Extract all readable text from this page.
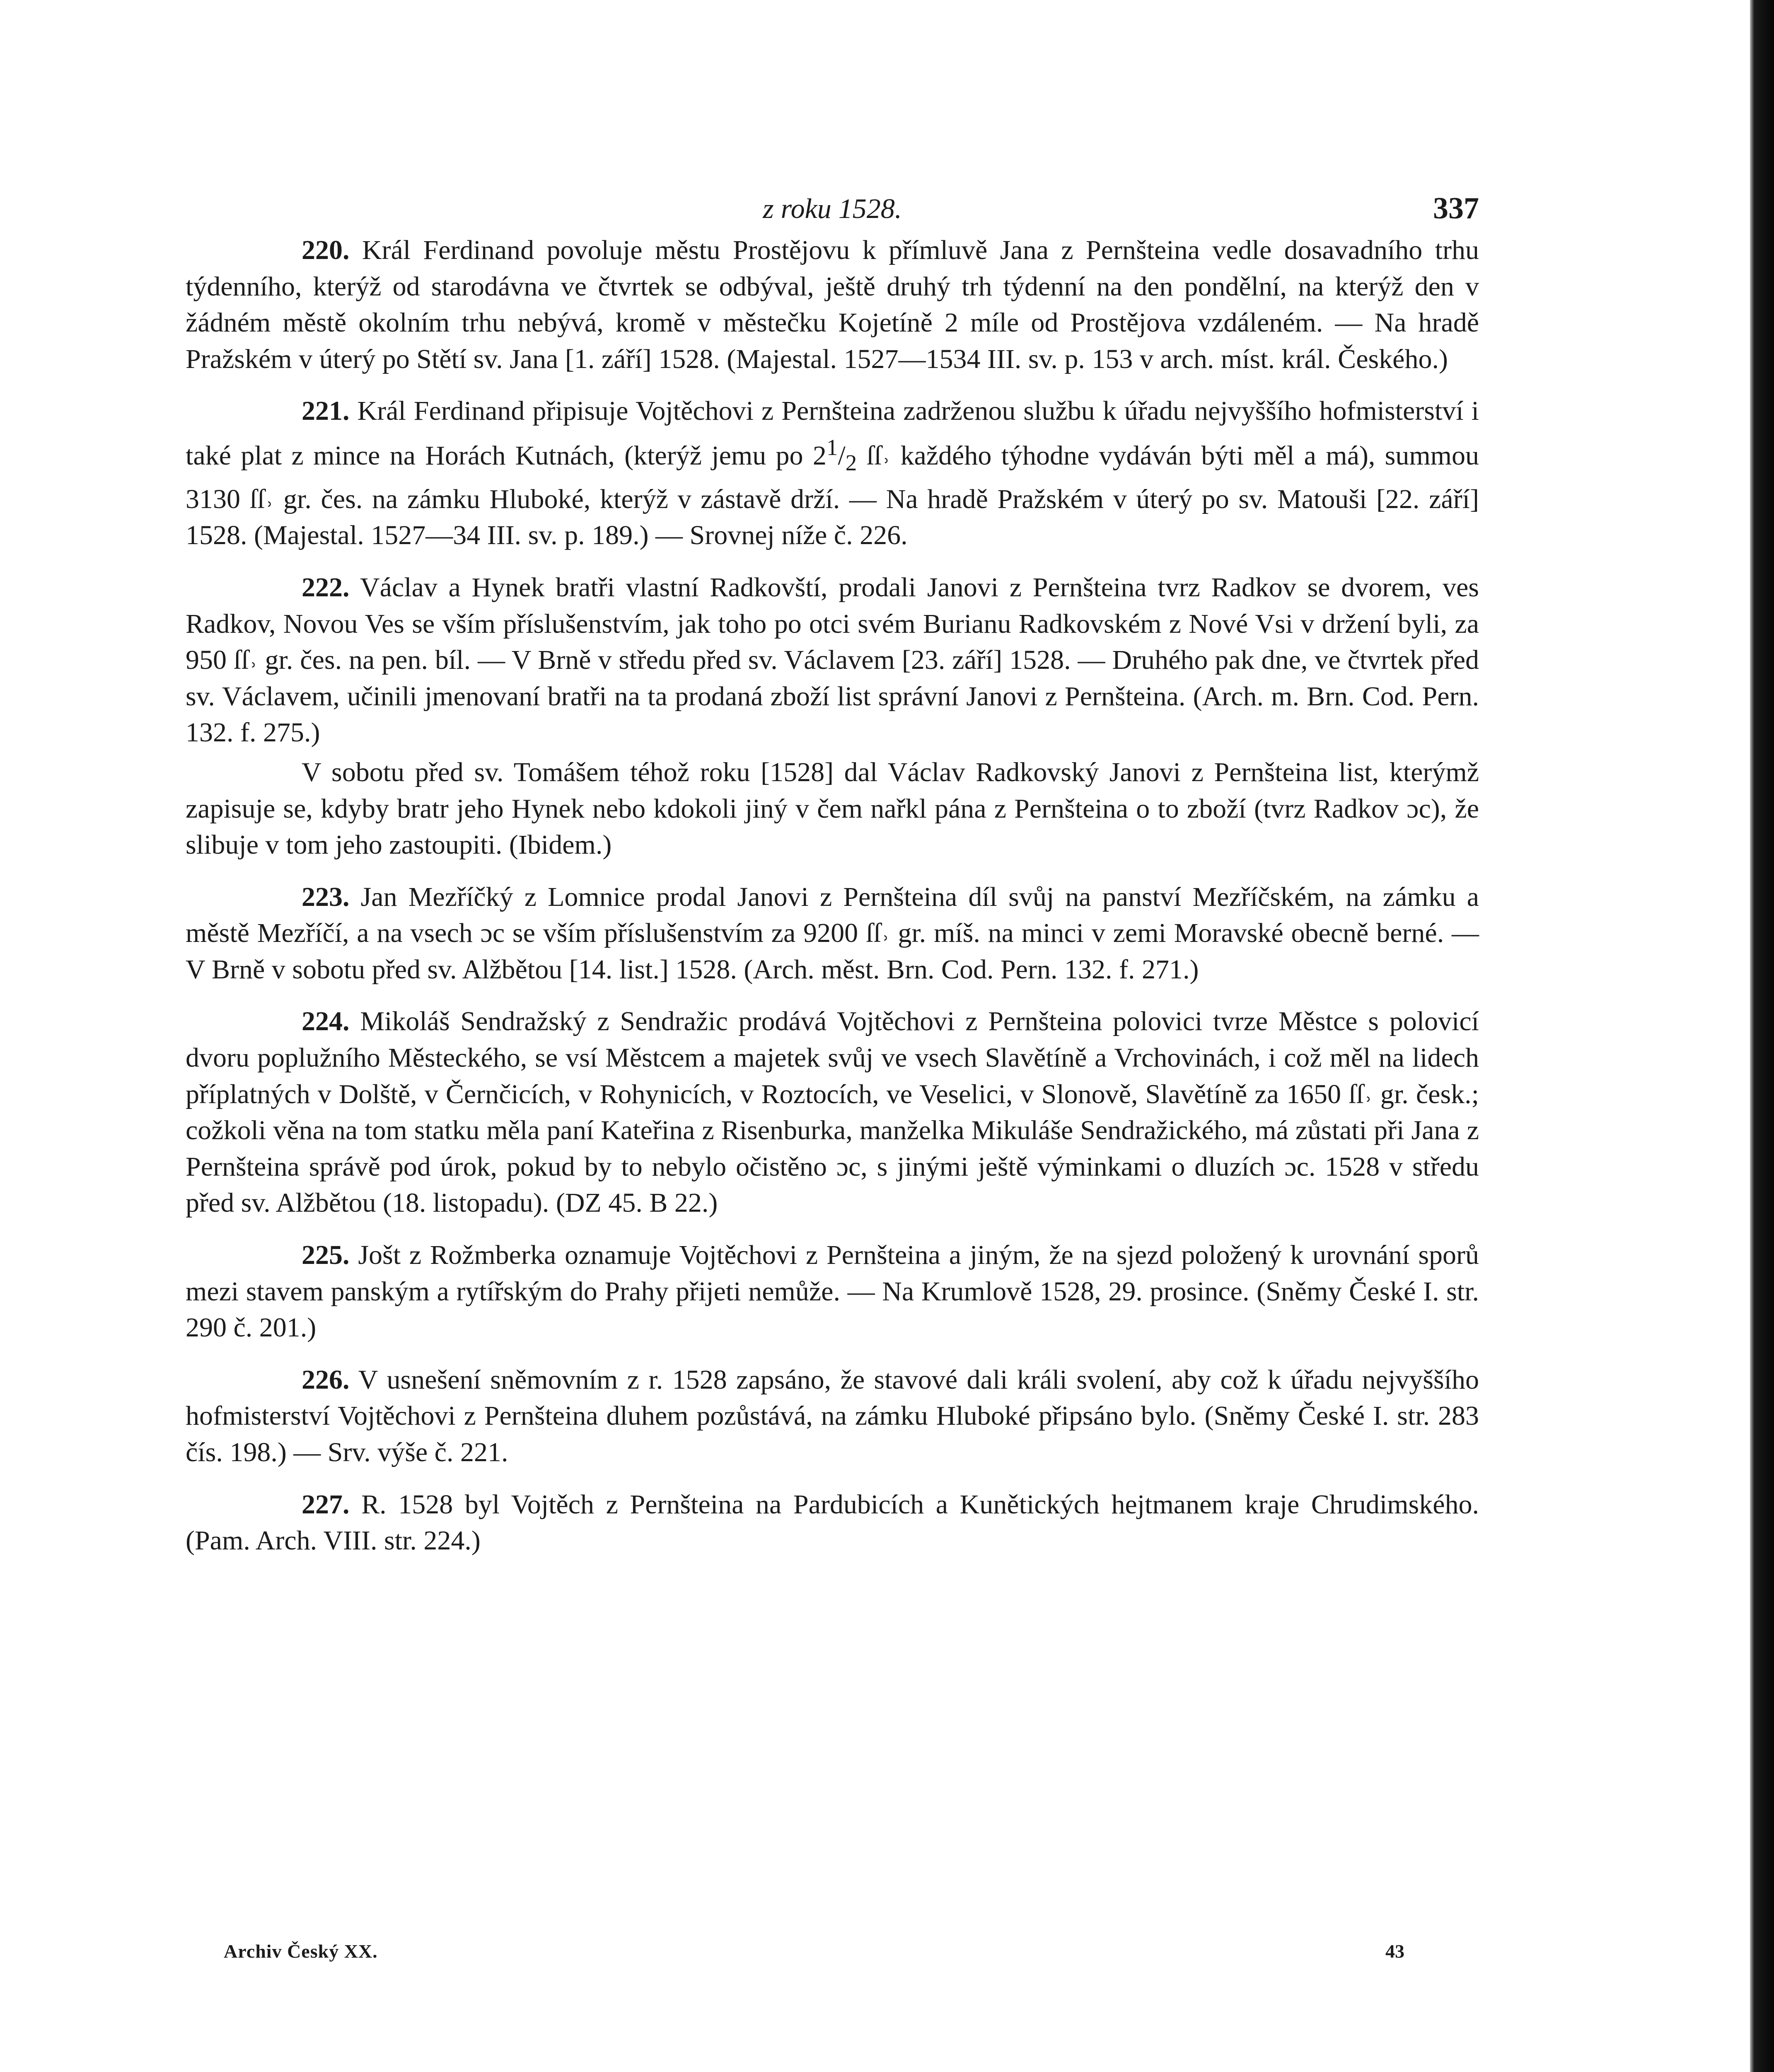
z roku 1528.	337

220. Král Ferdinand povoluje městu Prostějovu k přímluvě Jana z Pernšteina vedle dosavadního trhu týdenního, kterýž od starodávna ve čtvrtek se odbýval, ještě druhý trh týdenní na den pondělní, na kterýž den v žádném městě okolním trhu nebývá, kromě v městečku Kojetíně 2 míle od Prostějova vzdáleném. — Na hradě Pražském v úterý po Stětí sv. Jana [1. září] 1528. (Majestal. 1527—1534 III. sv. p. 153 v arch. míst. král. Českého.)

221. Král Ferdinand připisuje Vojtěchovi z Pernšteina zadrženou službu k úřadu nejvyššího hofmisterství i také plat z mince na Horách Kutnách, (kterýž jemu po $2^1/_2$ ſſ˒ každého týhodne vydáván býti měl a má), summou 3130 ſſ˒ gr. čes. na zámku Hluboké, kterýž v zástavě drží. — Na hradě Pražském v úterý po sv. Matouši [22. září] 1528. (Majestal. 1527—34 III. sv. p. 189.) — Srovnej níže č. 226.

222. Václav a Hynek bratři vlastní Radkovští, prodali Janovi z Pernšteina tvrz Radkov se dvorem, ves Radkov, Novou Ves se vším příslušenstvím, jak toho po otci svém Burianu Radkovském z Nové Vsi v držení byli, za 950 ſſ˒ gr. čes. na pen. bíl. — V Brně v středu před sv. Václavem [23. září] 1528. — Druhého pak dne, ve čtvrtek před sv. Václavem, učinili jmenovaní bratři na ta prodaná zboží list správní Janovi z Pernšteina. (Arch. m. Brn. Cod. Pern. 132. f. 275.)

V sobotu před sv. Tomášem téhož roku [1528] dal Václav Radkovský Janovi z Pernšteina list, kterýmž zapisuje se, kdyby bratr jeho Hynek nebo kdokoli jiný v čem nařkl pána z Pernšteina o to zboží (tvrz Radkov ɔc), že slibuje v tom jeho zastoupiti. (Ibidem.)

223. Jan Mezříčký z Lomnice prodal Janovi z Pernšteina díl svůj na panství Mezříčském, na zámku a městě Mezříčí, a na vsech ɔc se vším příslušenstvím za 9200 ſſ˒ gr. míš. na minci v zemi Moravské obecně berné. — V Brně v sobotu před sv. Alžbětou [14. list.] 1528. (Arch. měst. Brn. Cod. Pern. 132. f. 271.)

224. Mikoláš Sendražský z Sendražic prodává Vojtěchovi z Pernšteina polovici tvrze Městce s polovicí dvoru poplužního Městeckého, se vsí Městcem a majetek svůj ve vsech Slavětíně a Vrchovinách, i což měl na lidech příplatných v Dolště, v Černčicích, v Rohynicích, v Roztocích, ve Veselici, v Slonově, Slavětíně za 1650 ſſ˒ gr. česk.; cožkoli věna na tom statku měla paní Kateřina z Risenburka, manželka Mikuláše Sendražického, má zůstati při Jana z Pernšteina správě pod úrok, pokud by to nebylo očistěno ɔc, s jinými ještě výminkami o dluzích ɔc. 1528 v středu před sv. Alžbětou (18. listopadu). (DZ 45. B 22.)

225. Jošt z Rožmberka oznamuje Vojtěchovi z Pernšteina a jiným, že na sjezd položený k urovnání sporů mezi stavem panským a rytířským do Prahy přijeti nemůže. — Na Krumlově 1528, 29. prosince. (Sněmy České I. str. 290 č. 201.)

226. V usnešení sněmovním z r. 1528 zapsáno, že stavové dali králi svolení, aby což k úřadu nejvyššího hofmisterství Vojtěchovi z Pernšteina dluhem pozůstává, na zámku Hluboké připsáno bylo. (Sněmy České I. str. 283 čís. 198.) — Srv. výše č. 221.

227. R. 1528 byl Vojtěch z Pernšteina na Pardubicích a Kunětických hejtmanem kraje Chrudimského. (Pam. Arch. VIII. str. 224.)

Archiv Český XX.	43
